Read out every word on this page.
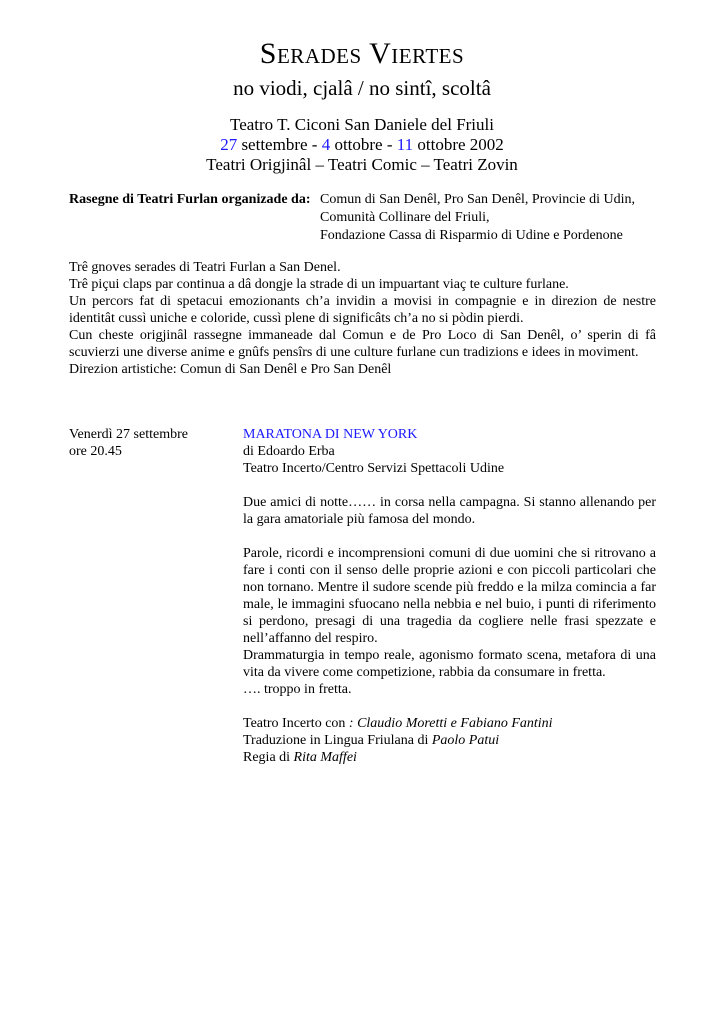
Serades Viertes
no viodi, cjalâ / no sintî, scoltâ
Teatro T. Ciconi San Daniele del Friuli
27 settembre - 4 ottobre - 11 ottobre 2002
Teatri Origjinâl – Teatri Comic – Teatri Zovin
Rasegne di Teatri Furlan organizade da: Comun di San Denêl, Pro San Denêl, Provincie di Udin,
Comunità Collinare del Friuli,
Fondazione Cassa di Risparmio di Udine e Pordenone

Trê gnoves serades di Teatri Furlan a San Denel.

Trê piçui claps par continua a dâ dongje la strade di un impuartant viaç te culture furlane.

Un percors fat di spetacui emozionants ch’a invidin a movisi in compagnie e in direzion de nestre identitât cussì uniche e coloride, cussì plene di significâts ch’a no si pòdin pierdi.

Cun cheste origjinâl rassegne immaneade dal Comun e de Pro Loco di San Denêl, o’ sperin di fâ scuvierzi une diverse anime e gnûfs pensîrs di une culture furlane cun tradizions e idees in moviment.

Direzion artistiche: Comun di San Denêl e Pro San Denêl

Venerdì 27 settembre
ore 20.45
MARATONA DI NEW YORK
di Edoardo Erba
Teatro Incerto/Centro Servizi Spettacoli Udine

Due amici di notte…… in corsa nella campagna. Si stanno allenando per la gara amatoriale più famosa del mondo.

Parole, ricordi e incomprensioni comuni di due uomini che si ritrovano a fare i conti con il senso delle proprie azioni e con piccoli particolari che non tornano. Mentre il sudore scende più freddo e la milza comincia a far male, le immagini sfuocano nella nebbia e nel buio, i punti di riferimento si perdono, presagi di una tragedia da cogliere nelle frasi spezzate e nell’affanno del respiro.

Drammaturgia in tempo reale, agonismo formato scena, metafora di una vita da vivere come competizione, rabbia da consumare in fretta.

…. troppo in fretta.

Teatro Incerto con : Claudio Moretti e Fabiano Fantini
Traduzione in Lingua Friulana di Paolo Patui
Regia di Rita Maffei
